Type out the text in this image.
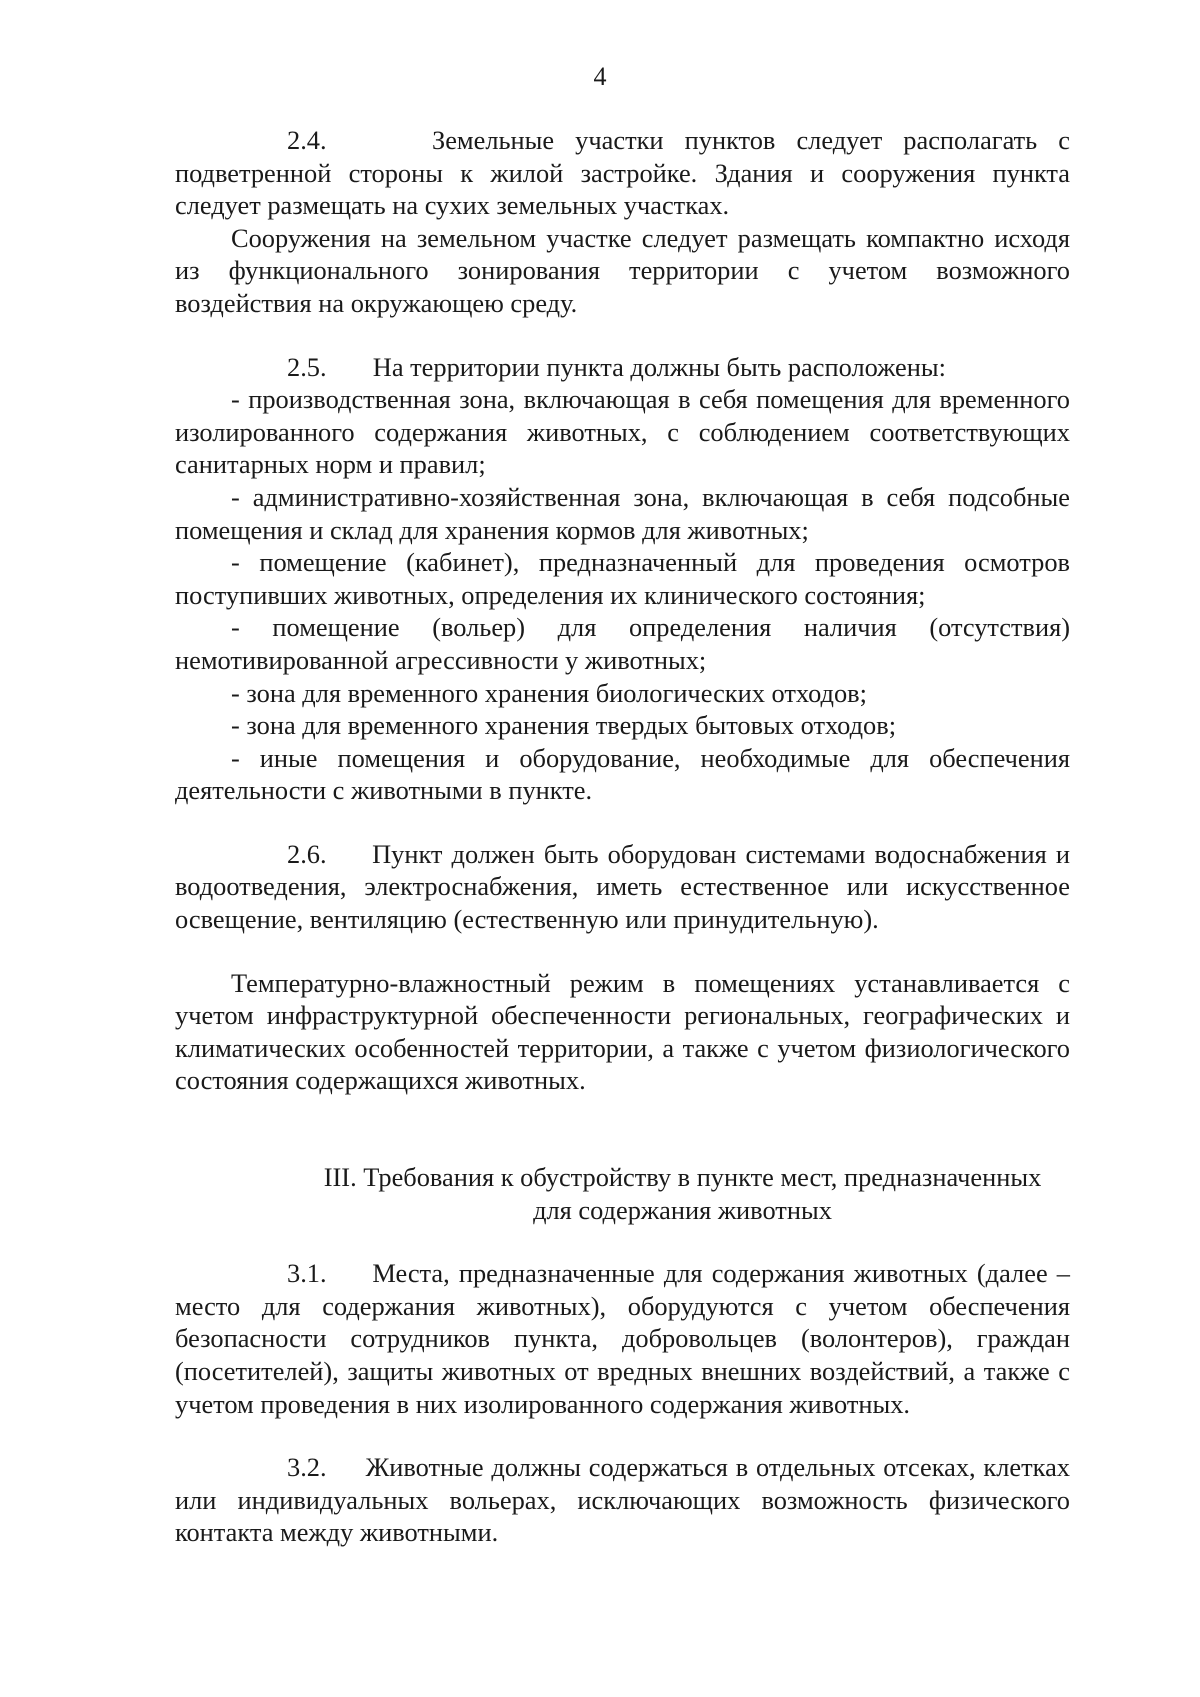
4

2.4.	Земельные участки пунктов следует располагать с подветренной стороны к жилой застройке. Здания и сооружения пункта следует размещать на сухих земельных участках.

Сооружения на земельном участке следует размещать компактно исходя из функционального зонирования территории с учетом возможного воздействия на окружающею среду.

2.5. На территории пункта должны быть расположены:

- производственная зона, включающая в себя помещения для временного изолированного содержания животных, с соблюдением соответствующих санитарных норм и правил;

- административно-хозяйственная зона, включающая в себя подсобные помещения и склад для хранения кормов для животных;

- помещение (кабинет), предназначенный для проведения осмотров поступивших животных, определения их клинического состояния;

- помещение (вольер) для определения наличия (отсутствия) немотивированной агрессивности у животных;

- зона для временного хранения биологических отходов;

- зона для временного хранения твердых бытовых отходов;

- иные помещения и оборудование, необходимые для обеспечения деятельности с животными в пункте.

2.6. Пункт должен быть оборудован системами водоснабжения и водоотведения, электроснабжения, иметь естественное или искусственное освещение, вентиляцию (естественную или принудительную).

Температурно-влажностный режим в помещениях устанавливается с учетом инфраструктурной обеспеченности региональных, географических и климатических особенностей территории, а также с учетом физиологического состояния содержащихся животных.

III. Требования к обустройству в пункте мест, предназначенных
для содержания животных

3.1. Места, предназначенные для содержания животных (далее – место для содержания животных), оборудуются с учетом обеспечения безопасности сотрудников пункта, добровольцев (волонтеров), граждан (посетителей), защиты животных от вредных внешних воздействий, а также с учетом проведения в них изолированного содержания животных.

3.2. Животные должны содержаться в отдельных отсеках, клетках или индивидуальных вольерах, исключающих возможность физического контакта между животными.
